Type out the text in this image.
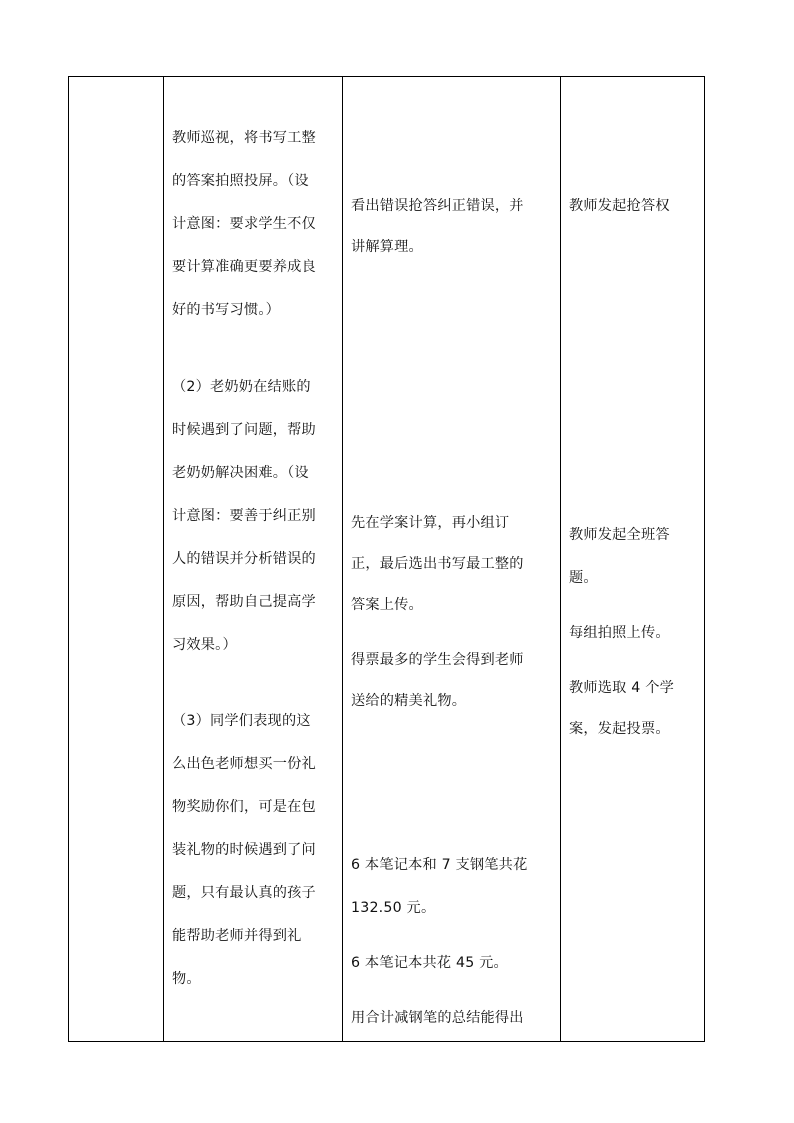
教师巡视，将书写工整
的答案拍照投屏。（设
计意图：要求学生不仅
要计算准确更要养成良
好的书写习惯。）
（2）老奶奶在结账的
时候遇到了问题，帮助
老奶奶解决困难。（设
计意图：要善于纠正别
人的错误并分析错误的
原因，帮助自己提高学
习效果。）
（3）同学们表现的这
么出色老师想买一份礼
物奖励你们，可是在包
装礼物的时候遇到了问
题，只有最认真的孩子
能帮助老师并得到礼
物。

看出错误抢答纠正错误，并
讲解算理。
先在学案计算，再小组订
正，最后选出书写最工整的
答案上传。
得票最多的学生会得到老师
送给的精美礼物。
6 本笔记本和 7 支钢笔共花
132.50 元。
6 本笔记本共花 45 元。
用合计减钢笔的总结能得出

教师发起抢答权
教师发起全班答
题。
每组拍照上传。
教师选取 4 个学
案，发起投票。
